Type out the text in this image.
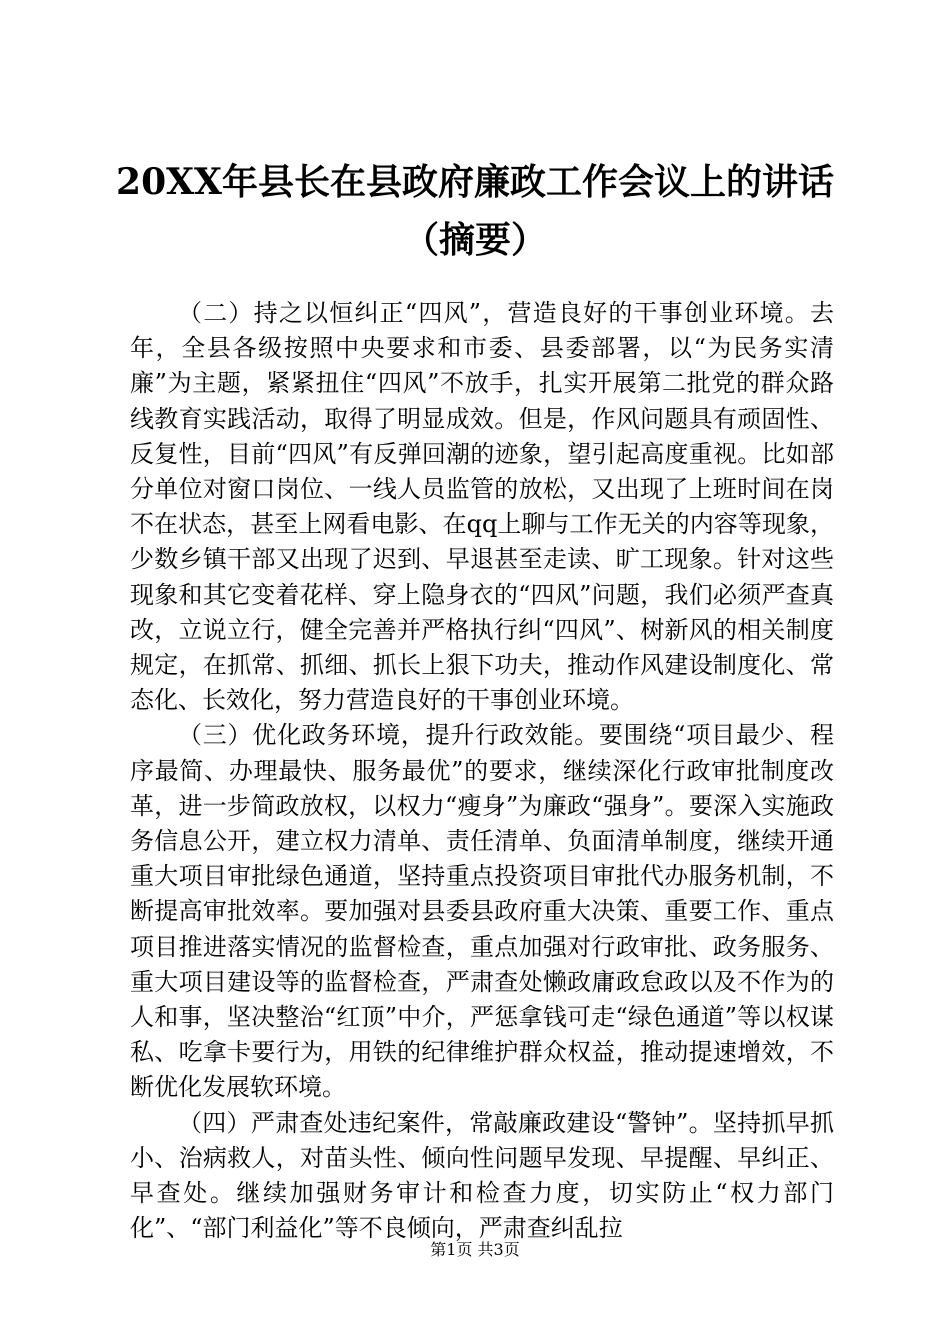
20XX年县长在县政府廉政工作会议上的讲话
（摘要）

（二）持之以恒纠正“四风”，营造良好的干事创业环境。去年，全县各级按照中央要求和市委、县委部署，以“为民务实清廉”为主题，紧紧扭住“四风”不放手，扎实开展第二批党的群众路线教育实践活动，取得了明显成效。但是，作风问题具有顽固性、反复性，目前“四风”有反弹回潮的迹象，望引起高度重视。比如部分单位对窗口岗位、一线人员监管的放松，又出现了上班时间在岗不在状态，甚至上网看电影、在qq上聊与工作无关的内容等现象，少数乡镇干部又出现了迟到、早退甚至走读、旷工现象。针对这些现象和其它变着花样、穿上隐身衣的“四风”问题，我们必须严查真改，立说立行，健全完善并严格执行纠“四风”、树新风的相关制度规定，在抓常、抓细、抓长上狠下功夫，推动作风建设制度化、常态化、长效化，努力营造良好的干事创业环境。

（三）优化政务环境，提升行政效能。要围绕“项目最少、程序最简、办理最快、服务最优”的要求，继续深化行政审批制度改革，进一步简政放权，以权力“瘦身”为廉政“强身”。要深入实施政务信息公开，建立权力清单、责任清单、负面清单制度，继续开通重大项目审批绿色通道，坚持重点投资项目审批代办服务机制，不断提高审批效率。要加强对县委县政府重大决策、重要工作、重点项目推进落实情况的监督检查，重点加强对行政审批、政务服务、重大项目建设等的监督检查，严肃查处懒政庸政怠政以及不作为的人和事，坚决整治“红顶”中介，严惩拿钱可走“绿色通道”等以权谋私、吃拿卡要行为，用铁的纪律维护群众权益，推动提速增效，不断优化发展软环境。

（四）严肃查处违纪案件，常敲廉政建设“警钟”。坚持抓早抓小、治病救人，对苗头性、倾向性问题早发现、早提醒、早纠正、早查处。继续加强财务审计和检查力度，切实防止“权力部门化”、“部门利益化”等不良倾向，严肃查纠乱拉

第1页 共3页
